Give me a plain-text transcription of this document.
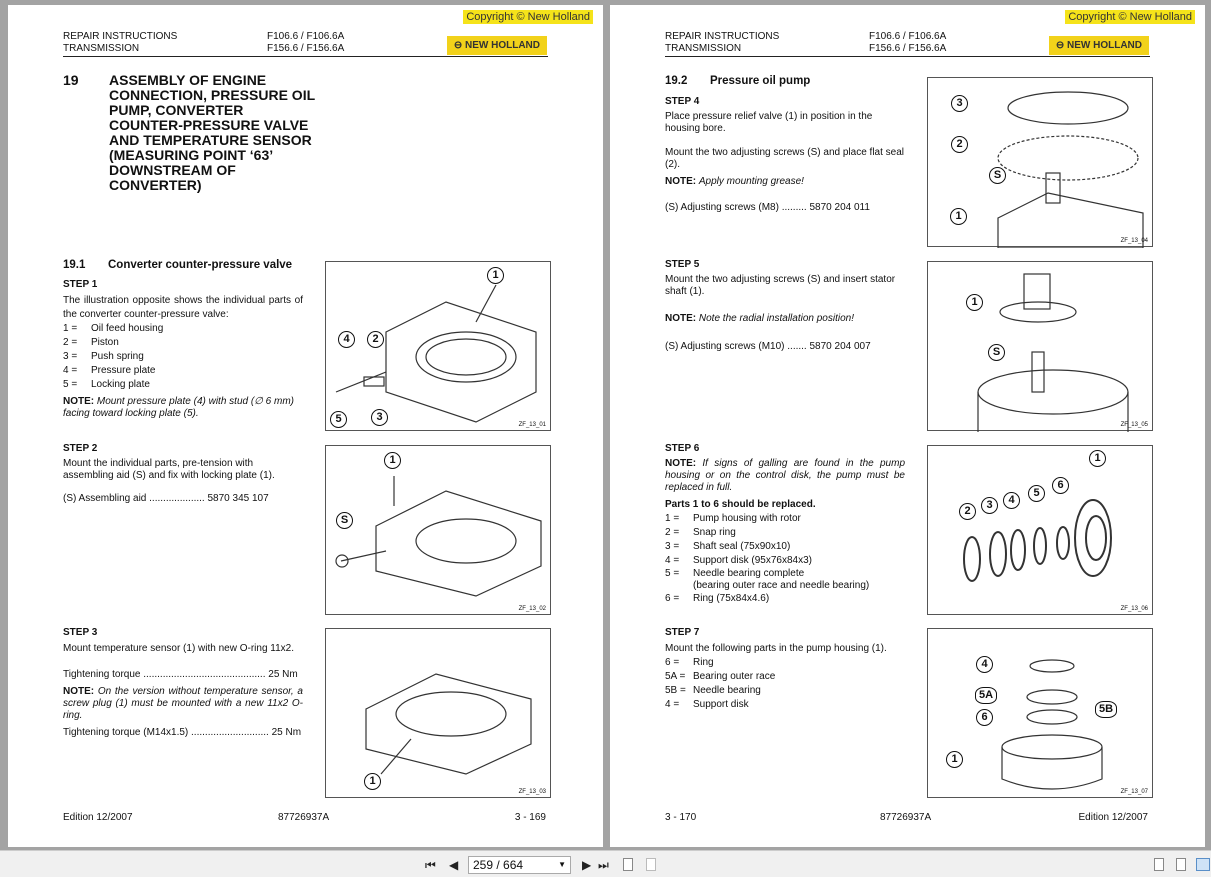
Copyright © New Holland
REPAIR INSTRUCTIONS
TRANSMISSION
F106.6 / F106.6A
F156.6 / F156.6A	⊖ NEW HOLLAND
19 ASSEMBLY OF ENGINE CONNECTION, PRESSURE OIL PUMP, CONVERTER COUNTER-PRESSURE VALVE AND TEMPERATURE SENSOR (MEASURING POINT ‘63’ DOWNSTREAM OF CONVERTER)
19.1 Converter counter-pressure valve
STEP 1
The illustration opposite shows the individual parts of the converter counter-pressure valve:
1 =	Oil feed housing
2 =	Piston
3 =	Push spring
4 =	Pressure plate
5 =	Locking plate
NOTE: Mount pressure plate (4) with stud (∅ 6 mm) facing toward locking plate (5).
STEP 2
Mount the individual parts, pre-tension with assembling aid (S) and fix with locking plate (1).
(S) Assembling aid .................... 5870 345 107
STEP 3
Mount temperature sensor (1) with new O-ring 11x2.
Tightening torque ............................................ 25 Nm
NOTE: On the version without temperature sensor, a screw plug (1) must be mounted with a new 11x2 O-ring.
Tightening torque (M14x1.5) ............................ 25 Nm
1
4	2
5	3
ZF_13_01
1
S
ZF_13_02
1
ZF_13_03
Edition 12/2007	87726937A	3 - 169
Copyright © New Holland
REPAIR INSTRUCTIONS
TRANSMISSION
F106.6 / F106.6A
F156.6 / F156.6A	⊖ NEW HOLLAND
19.2 Pressure oil pump
STEP 4
Place pressure relief valve (1) in position in the housing bore.
Mount the two adjusting screws (S) and place flat seal (2).
NOTE: Apply mounting grease!
(S) Adjusting screws (M8) ......... 5870 204 011
STEP 5
Mount the two adjusting screws (S) and insert stator shaft (1).
NOTE: Note the radial installation position!
(S) Adjusting screws (M10) ....... 5870 204 007
STEP 6
NOTE: If signs of galling are found in the pump housing or on the control disk, the pump must be replaced in full.
Parts 1 to 6 should be replaced.
1 =	Pump housing with rotor
2 =	Snap ring
3 =	Shaft seal (75x90x10)
4 =	Support disk (95x76x84x3)
5 =	Needle bearing complete
(bearing outer race and needle bearing)
6 =	Ring (75x84x4.6)
STEP 7
Mount the following parts in the pump housing (1).
6 =	Ring
5A = Bearing outer race
5B = Needle bearing
4 =	Support disk
3
2
S
1
ZF_13_04
1
S
ZF_13_05
1
6
5
4
3
2
ZF_13_06
4
5A
6
5B
1
ZF_13_07
3 - 170	87726937A	Edition 12/2007
⏮ ◀	259 / 664	▼ ▶ ⏭
